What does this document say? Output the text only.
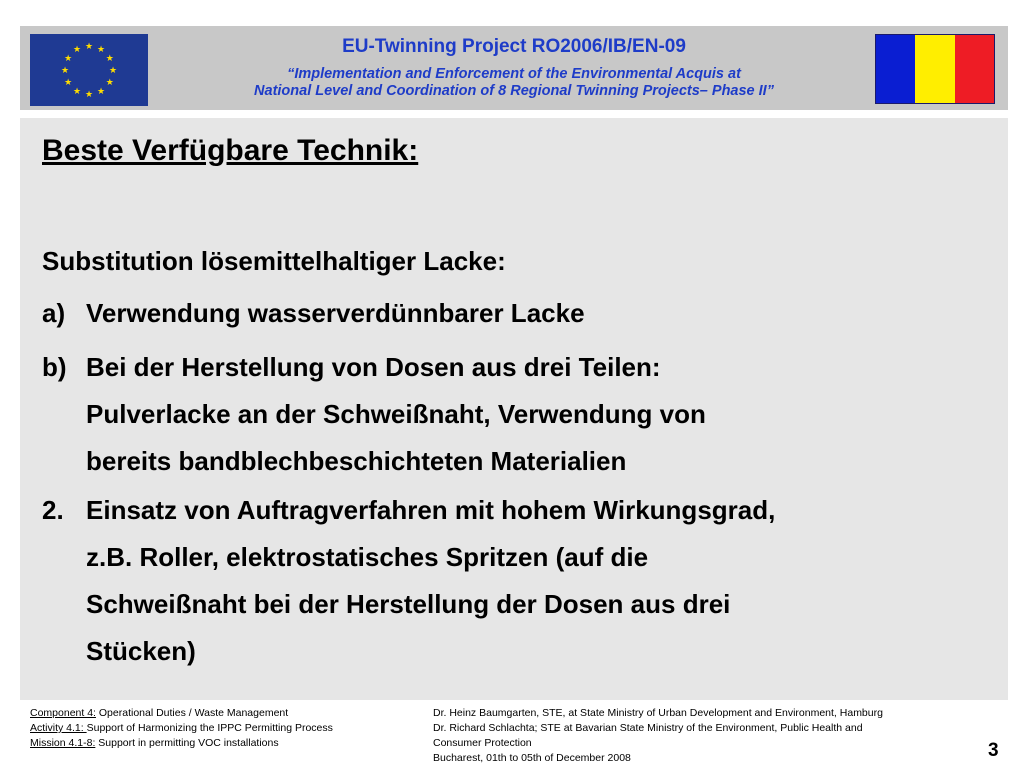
★ ★
★
★
★
★
★
★
★
★
★
★	EU-Twinning Project RO2006/IB/EN-09
“Implementation and Enforcement of the Environmental Acquis at
National Level and Coordination of 8 Regional Twinning Projects– Phase II”
Beste Verfügbare Technik:
Substitution lösemittelhaltiger Lacke:
a) Verwendung wasserverdünnbarer Lacke
b) Bei der Herstellung von Dosen aus drei Teilen:
Pulverlacke an der Schweißnaht, Verwendung von
bereits bandblechbeschichteten Materialien
2. Einsatz von Auftragverfahren mit hohem Wirkungsgrad,
z.B. Roller, elektrostatisches Spritzen (auf die
Schweißnaht bei der Herstellung der Dosen aus drei
Stücken)
Component 4: Operational Duties / Waste Management
Activity 4.1: Support of Harmonizing the IPPC Permitting Process
Mission 4.1-8: Support in permitting VOC installations
Dr. Heinz Baumgarten, STE, at State Ministry of Urban Development and Environment, Hamburg
Dr. Richard Schlachta; STE at Bavarian State Ministry of the Environment, Public Health and
Consumer Protection
Bucharest, 01th to 05th of December 2008	3
